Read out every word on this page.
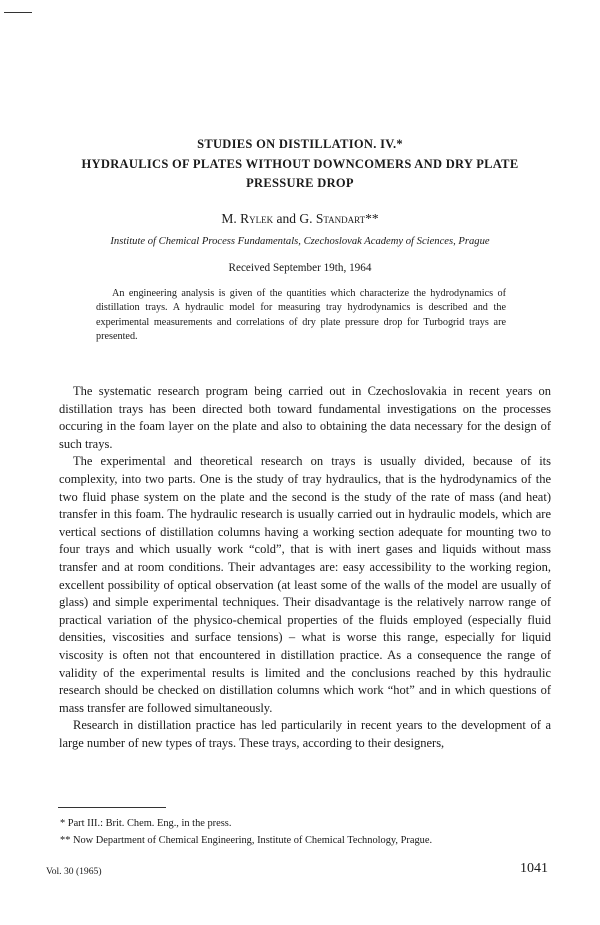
STUDIES ON DISTILLATION. IV.*
HYDRAULICS OF PLATES WITHOUT DOWNCOMERS AND DRY PLATE
PRESSURE DROP

M. Rylek and G. Standart**

Institute of Chemical Process Fundamentals, Czechoslovak Academy of Sciences, Prague

Received September 19th, 1964

An engineering analysis is given of the quantities which characterize the hydrodynamics of distillation trays. A hydraulic model for measuring tray hydrodynamics is described and the experimental measurements and correlations of dry plate pressure drop for Turbogrid trays are presented.

The systematic research program being carried out in Czechoslovakia in recent years on distillation trays has been directed both toward fundamental investigations on the processes occuring in the foam layer on the plate and also to obtaining the data necessary for the design of such trays.

The experimental and theoretical research on trays is usually divided, because of its complexity, into two parts. One is the study of tray hydraulics, that is the hydrodynamics of the two fluid phase system on the plate and the second is the study of the rate of mass (and heat) transfer in this foam. The hydraulic research is usually carried out in hydraulic models, which are vertical sections of distillation columns having a working section adequate for mounting two to four trays and which usually work “cold”, that is with inert gases and liquids without mass transfer and at room conditions. Their advantages are: easy accessibility to the working region, excellent possibility of optical observation (at least some of the walls of the model are usually of glass) and simple experimental techniques. Their disadvantage is the relatively narrow range of practical variation of the physico-chemical properties of the fluids employed (especially fluid densities, viscosities and surface tensions) – what is worse this range, especially for liquid viscosity is often not that encountered in distillation practice. As a consequence the range of validity of the experimental results is limited and the conclusions reached by this hydraulic research should be checked on distillation columns which work “hot” and in which questions of mass transfer are followed simultaneously.

Research in distillation practice has led particularily in recent years to the development of a large number of new types of trays. These trays, according to their designers,

* Part III.: Brit. Chem. Eng., in the press.
** Now Department of Chemical Engineering, Institute of Chemical Technology, Prague.

Vol. 30 (1965)	1041
